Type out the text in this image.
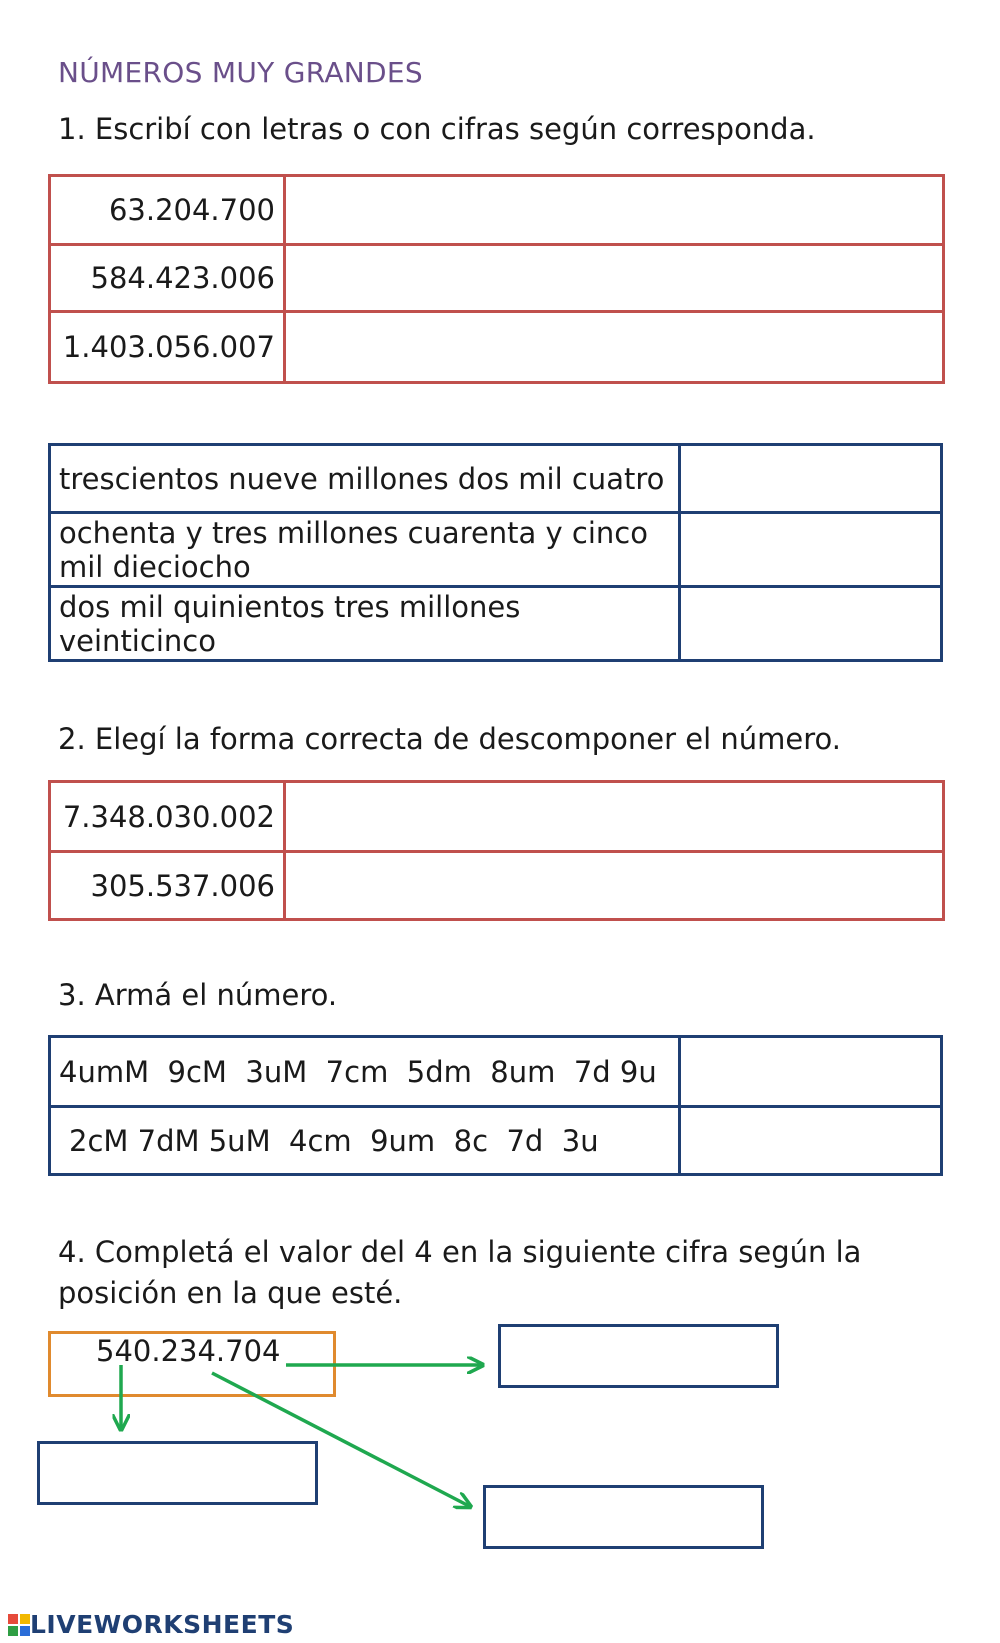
NÚMEROS MUY GRANDES
1. Escribí con letras o con cifras según corresponda.
63.204.700	
584.423.006	
1.403.056.007	
trescientos nueve millones dos mil cuatro	
ochenta y tres millones cuarenta y cinco mil dieciocho	
dos mil quinientos tres millones veinticinco	
2. Elegí la forma correcta de descomponer el número.
7.348.030.002	
305.537.006	
3. Armá el número.
4umM  9cM  3uM  7cm  5dm  8um  7d 9u	
2cM 7dM 5uM  4cm  9um  8c  7d  3u	
4. Completá el valor del 4 en la siguiente cifra según la posición en la que esté.
540.234.704
LIVEWORKSHEETS
